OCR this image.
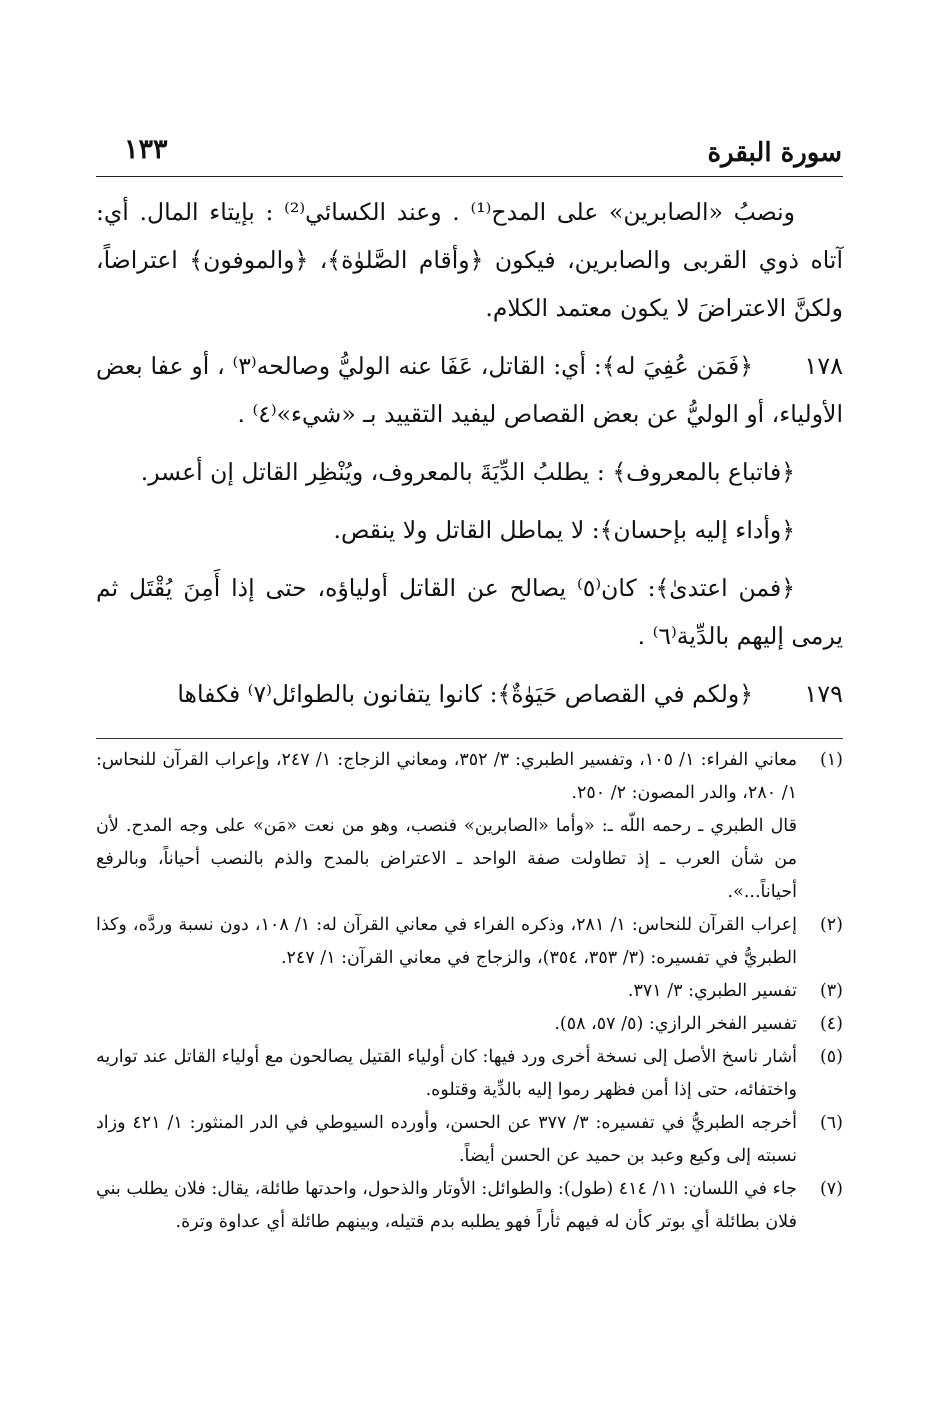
سورة البقرة
١٣٣

ونصبُ «الصابرين» على المدح⁽¹⁾ . وعند الكسائي⁽²⁾ : بإيتاء المال. أي: آتاه ذوي القربى والصابرين، فيكون ﴿وأقام الصَّلوٰة﴾، ﴿والموفون﴾ اعتراضاً، ولكنَّ الاعتراضَ لا يكون معتمد الكلام.

١٧٨

﴿فَمَن عُفِيَ له﴾: أي: القاتل، عَفَا عنه الوليُّ وصالحه⁽٣⁾ ، أو عفا بعض الأولياء، أو الوليُّ عن بعض القصاص ليفيد التقييد بـ «شيء»⁽٤⁾ .

﴿فاتباع بالمعروف﴾ : يطلبُ الدِّيَةَ بالمعروف، ويُنْظِر القاتل إن أعسر.

﴿وأداء إليه بإحسان﴾: لا يماطل القاتل ولا ينقص.

﴿فمن اعتدىٰ﴾: كان⁽٥⁾ يصالح عن القاتل أولياؤه، حتى إذا أَمِنَ يُقْتَل ثم يرمى إليهم بالدِّية⁽٦⁾ .

١٧٩

﴿ولكم في القصاص حَيَوٰةٌ﴾: كانوا يتفانون بالطوائل⁽٧⁾ فكفاها

(١)
معاني الفراء: ١/ ١٠٥، وتفسير الطبري: ٣/ ٣٥٢، ومعاني الزجاج: ١/ ٢٤٧، وإعراب القرآن للنحاس: ١/ ٢٨٠، والدر المصون: ٢/ ٢٥٠.

قال الطبري ـ رحمه اللّه ـ: «وأما «الصابرين» فنصب، وهو من نعت «مَن» على وجه المدح. لأن من شأن العرب ـ إذ تطاولت صفة الواحد ـ الاعتراض بالمدح والذم بالنصب أحياناً، وبالرفع أحياناً...».

(٢)
إعراب القرآن للنحاس: ١/ ٢٨١، وذكره الفراء في معاني القرآن له: ١/ ١٠٨، دون نسبة وردَّه، وكذا الطبريُّ في تفسيره: (٣/ ٣٥٣، ٣٥٤)، والزجاج في معاني القرآن: ١/ ٢٤٧.

(٣)
تفسير الطبري: ٣/ ٣٧١.

(٤)
تفسير الفخر الرازي: (٥/ ٥٧، ٥٨).

(٥)
أشار ناسخ الأصل إلى نسخة أخرى ورد فيها: كان أولياء القتيل يصالحون مع أولياء القاتل عند تواريه واختفائه، حتى إذا أمن فظهر رموا إليه بالدِّية وقتلوه.

(٦)
أخرجه الطبريُّ في تفسيره: ٣/ ٣٧٧ عن الحسن، وأورده السيوطي في الدر المنثور: ١/ ٤٢١ وزاد نسبته إلى وكيع وعبد بن حميد عن الحسن أيضاً.

(٧)
جاء في اللسان: ١١/ ٤١٤ (طول): والطوائل: الأوتار والذحول، واحدتها طائلة، يقال: فلان يطلب بني فلان بطائلة أي بوتر كأن له فيهم ثأراً فهو يطلبه بدم قتيله، وبينهم طائلة أي عداوة وترة.
